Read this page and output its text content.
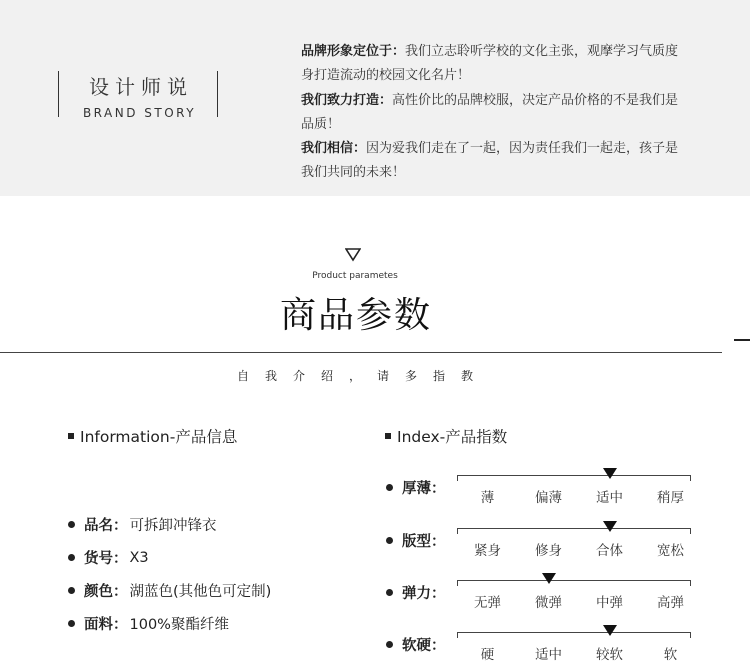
设计师说
BRAND STORY

品牌形象定位于：我们立志聆听学校的文化主张，观摩学习气质度身打造流动的校园文化名片！

我们致力打造：高性价比的品牌校服，决定产品价格的不是我们是品质！

我们相信：因为爱我们走在了一起，因为责任我们一起走，孩子是我们共同的未来！

Product parametes
商品参数
自我介绍，请多指教
Information-产品信息
品名： 可拆卸冲锋衣
货号： X3
颜色： 湖蓝色(其他色可定制)
面料： 100%聚酯纤维
Index-产品指数
厚薄：
薄	偏薄	适中	稍厚
版型：
紧身	修身	合体	宽松
弹力：
无弹	微弹	中弹	高弹
软硬：
硬	适中	较软	软
